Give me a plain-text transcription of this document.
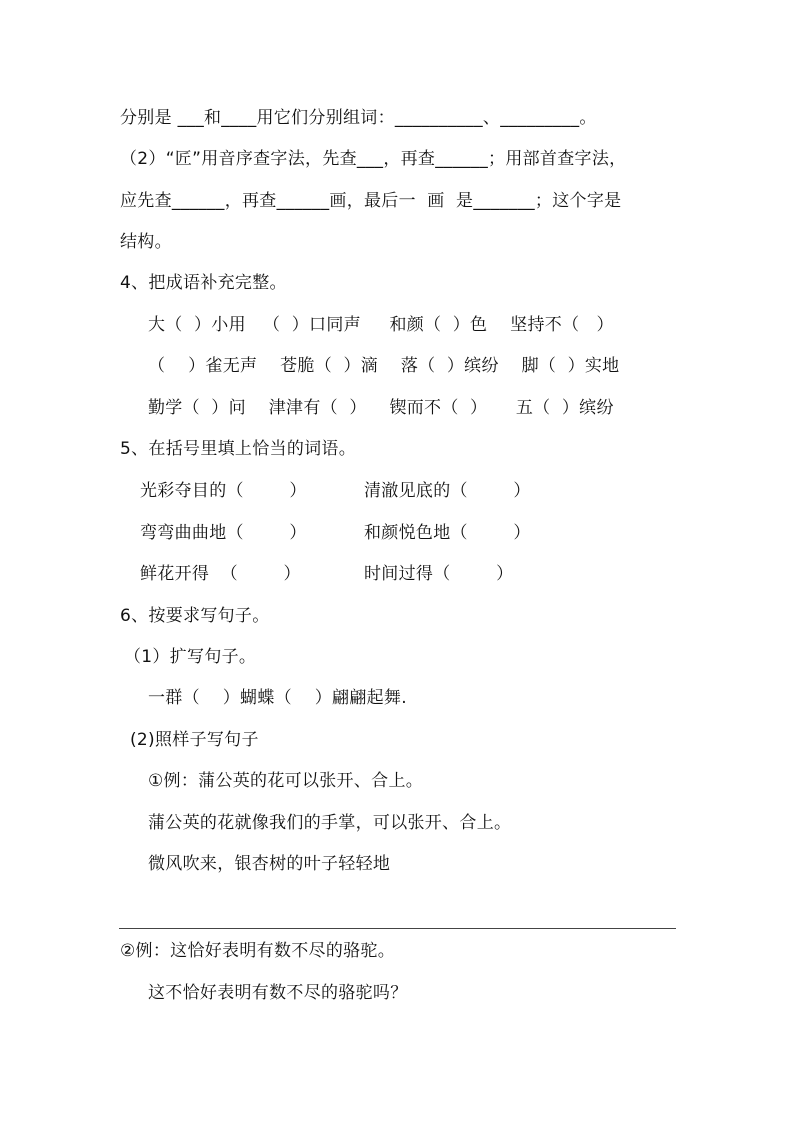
分别是 ___和____用它们分别组词：__________、_________。
（2）“匠”用音序查字法，先查___，再查______；用部首查字法，
应先查______，再查______画，最后一  画  是_______；这个字是
结构。
4、把成语补充完整。
大（  ）小用   （  ）口同声     和颜（  ）色    坚持不（   ）
（    ）雀无声    苍脆（  ）滴    落（  ）缤纷    脚（  ）实地
勤学（  ）问    津津有（  ）    锲而不（  ）     五（  ）缤纷
5、在括号里填上恰当的词语。
光彩夺目的（        ）	清澈见底的（        ）
弯弯曲曲地（        ）	和颜悦色地（        ）
鲜花开得  （        ）	时间过得（        ）
6、按要求写句子。
（1）扩写句子。
一群（    ）蝴蝶（    ）翩翩起舞.
(2)照样子写句子
①例：蒲公英的花可以张开、合上。
蒲公英的花就像我们的手掌，可以张开、合上。
微风吹来，银杏树的叶子轻轻地
②例：这恰好表明有数不尽的骆驼。
这不恰好表明有数不尽的骆驼吗？
